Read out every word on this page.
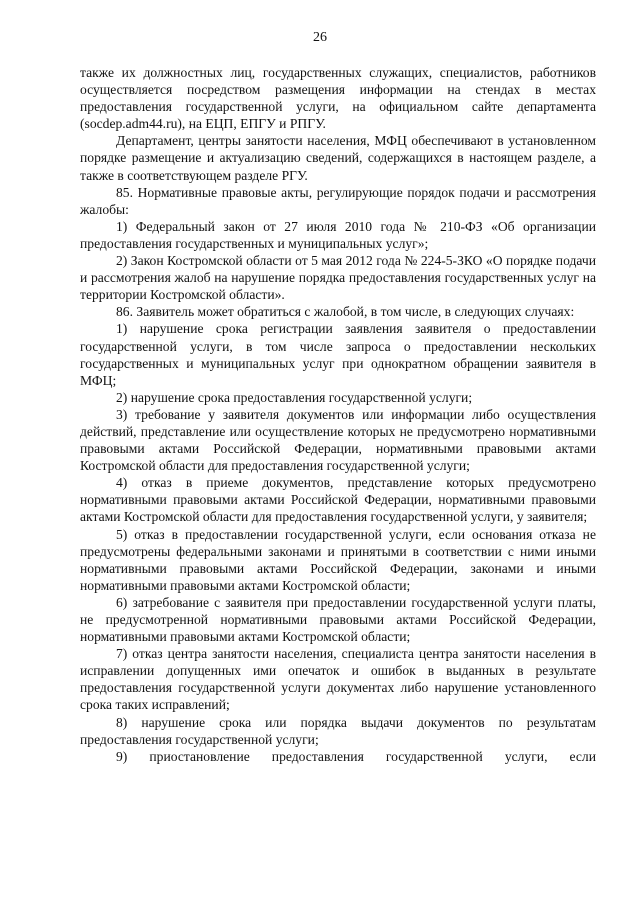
26

также их должностных лиц, государственных служащих, специалистов, работников осуществляется посредством размещения информации на стендах в местах предоставления государственной услуги, на официальном сайте департамента (socdep.adm44.ru), на ЕЦП, ЕПГУ и РПГУ.

Департамент, центры занятости населения, МФЦ обеспечивают в установленном порядке размещение и актуализацию сведений, содержащихся в настоящем разделе, а также в соответствующем разделе РГУ.

85. Нормативные правовые акты, регулирующие порядок подачи и рассмотрения жалобы:

1) Федеральный закон от 27 июля 2010 года № 210-ФЗ «Об организации предоставления государственных и муниципальных услуг»;

2) Закон Костромской области от 5 мая 2012 года № 224-5-ЗКО «О порядке подачи и рассмотрения жалоб на нарушение порядка предоставления государственных услуг на территории Костромской области».

86. Заявитель может обратиться с жалобой, в том числе, в следующих случаях:

1) нарушение срока регистрации заявления заявителя о предоставлении государственной услуги, в том числе запроса о предоставлении нескольких государственных и муниципальных услуг при однократном обращении заявителя в МФЦ;

2) нарушение срока предоставления государственной услуги;

3) требование у заявителя документов или информации либо осуществления действий, представление или осуществление которых не предусмотрено нормативными правовыми актами Российской Федерации, нормативными правовыми актами Костромской области для предоставления государственной услуги;

4) отказ в приеме документов, представление которых предусмотрено нормативными правовыми актами Российской Федерации, нормативными правовыми актами Костромской области для предоставления государственной услуги, у заявителя;

5) отказ в предоставлении государственной услуги, если основания отказа не предусмотрены федеральными законами и принятыми в соответствии с ними иными нормативными правовыми актами Российской Федерации, законами и иными нормативными правовыми актами Костромской области;

6) затребование с заявителя при предоставлении государственной услуги платы, не предусмотренной нормативными правовыми актами Российской Федерации, нормативными правовыми актами Костромской области;

7) отказ центра занятости населения, специалиста центра занятости населения в исправлении допущенных ими опечаток и ошибок в выданных в результате предоставления государственной услуги документах либо нарушение установленного срока таких исправлений;

8) нарушение срока или порядка выдачи документов по результатам предоставления государственной услуги;

9) приостановление предоставления государственной услуги, если
